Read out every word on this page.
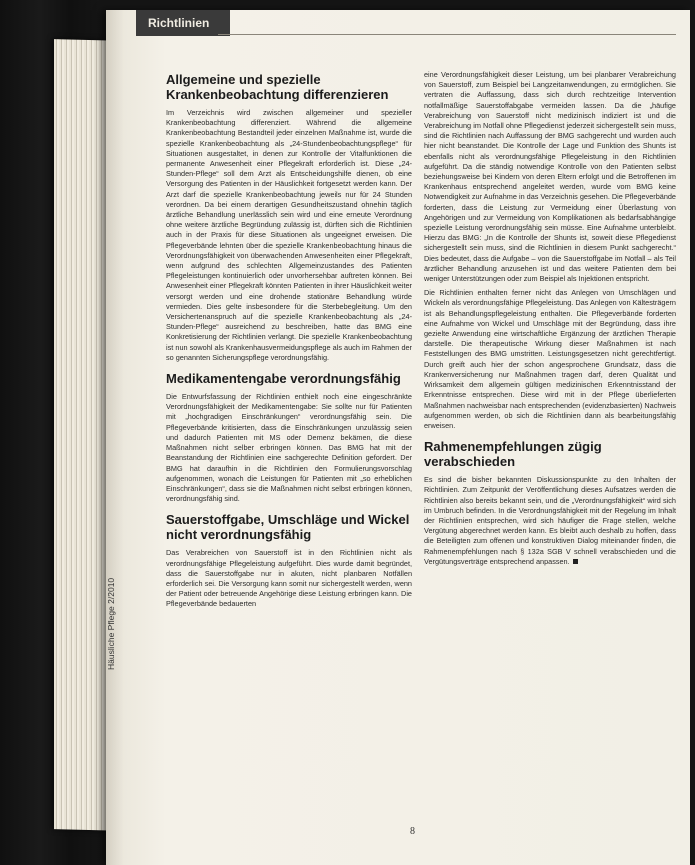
Richtlinien
Häusliche Pflege 2/2010
Allgemeine und spezielle Krankenbeobachtung differenzieren

Im Verzeichnis wird zwischen allgemeiner und spezieller Krankenbeobachtung differenziert. Während die allgemeine Krankenbeobachtung Bestandteil jeder einzelnen Maßnahme ist, wurde die spezielle Krankenbeobachtung als „24-Stundenbeobachtungspflege“ für Situationen ausgestaltet, in denen zur Kontrolle der Vitalfunktionen die permanente Anwesenheit einer Pflegekraft erforderlich ist. Diese „24-Stunden-Pflege“ soll dem Arzt als Entscheidungshilfe dienen, ob eine Versorgung des Patienten in der Häuslichkeit fortgesetzt werden kann. Der Arzt darf die spezielle Krankenbeobachtung jeweils nur für 24 Stunden verordnen. Da bei einem derartigen Gesundheitszustand ohnehin täglich ärztliche Behandlung unerlässlich sein wird und eine erneute Verordnung ohne weitere ärztliche Begründung zulässig ist, dürften sich die Richtlinien auch in der Praxis für diese Situationen als ungeeignet erweisen. Die Pflegeverbände lehnten über die spezielle Krankenbeobachtung hinaus die Verordnungsfähigkeit von überwachenden Anwesenheiten einer Pflegekraft, wenn aufgrund des schlechten Allgemeinzustandes des Patienten Pflegeleistungen kontinuierlich oder unvorhersehbar auftreten können. Bei Anwesenheit einer Pflegekraft könnten Patienten in ihrer Häuslichkeit weiter versorgt werden und eine drohende stationäre Behandlung würde vermieden. Dies gelte insbesondere für die Sterbebegleitung. Um den Versichertenanspruch auf die spezielle Krankenbeobachtung als „24-Stunden-Pflege“ ausreichend zu beschreiben, hatte das BMG eine Konkretisierung der Richtlinien verlangt. Die spezielle Krankenbeobachtung ist nun sowohl als Krankenhausvermeidungspflege als auch im Rahmen der so genannten Sicherungspflege verordnungsfähig.

Medikamentengabe verordnungsfähig

Die Entwurfsfassung der Richtlinien enthielt noch eine eingeschränkte Verordnungsfähigkeit der Medikamentengabe: Sie sollte nur für Patienten mit „hochgradigen Einschränkungen“ verordnungsfähig sein. Die Pflegeverbände kritisierten, dass die Einschränkungen unzulässig seien und dadurch Patienten mit MS oder Demenz bekämen, die diese Maßnahmen nicht selber erbringen können. Das BMG hat mit der Beanstandung der Richtlinien eine sachgerechte Definition gefordert. Der BMG hat daraufhin in die Richtlinien den Formulierungsvorschlag aufgenommen, wonach die Leistungen für Patienten mit „so erheblichen Einschränkungen“, dass sie die Maßnahmen nicht selbst erbringen können, verordnungsfähig sind.

Sauerstoffgabe, Umschläge und Wickel nicht verordnungsfähig

Das Verabreichen von Sauerstoff ist in den Richtlinien nicht als verordnungsfähige Pflegeleistung aufgeführt. Dies wurde damit begründet, dass die Sauerstoffgabe nur in akuten, nicht planbaren Notfällen erforderlich sei. Die Versorgung kann somit nur sichergestellt werden, wenn der Patient oder betreuende Angehörige diese Leistung erbringen kann. Die Pflegeverbände bedauerten

eine Verordnungsfähigkeit dieser Leistung, um bei planbarer Verabreichung von Sauerstoff, zum Beispiel bei Langzeitanwendungen, zu ermöglichen. Sie vertraten die Auffassung, dass sich durch rechtzeitige Intervention notfallmäßige Sauerstoffabgabe vermeiden lassen. Da die „häufige Verabreichung von Sauerstoff nicht medizinisch indiziert ist und die Verabreichung im Notfall ohne Pflegedienst jederzeit sichergestellt sein muss, sind die Richtlinien nach Auffassung der BMG sachgerecht und wurden auch hier nicht beanstandet. Die Kontrolle der Lage und Funktion des Shunts ist ebenfalls nicht als verordnungsfähige Pflegeleistung in den Richtlinien aufgeführt. Da die ständig notwendige Kontrolle von den Patienten selbst beziehungsweise bei Kindern von deren Eltern erfolgt und die Betroffenen im Krankenhaus entsprechend angeleitet werden, wurde vom BMG keine Notwendigkeit zur Aufnahme in das Verzeichnis gesehen. Die Pflegeverbände forderten, dass die Leistung zur Vermeidung einer Überlastung von Angehörigen und zur Vermeidung von Komplikationen als bedarfsabhängige spezielle Leistung verordnungsfähig sein müsse. Eine Aufnahme unterbleibt. Hierzu das BMG: „In die Kontrolle der Shunts ist, soweit diese Pflegedienst sichergestellt sein muss, sind die Richtlinien in diesem Punkt sachgerecht.“ Dies bedeutet, dass die Aufgabe – von die Sauerstoffgabe im Notfall – als Teil ärztlicher Behandlung anzusehen ist und das weitere Patienten dem bei weniger Unterstützungen oder zum Beispiel als Injektionen entspricht.

Die Richtlinien enthalten ferner nicht das Anlegen von Umschlägen und Wickeln als verordnungsfähige Pflegeleistung. Das Anlegen von Kältesträgern ist als Behandlungspflegeleistung enthalten. Die Pflegeverbände forderten eine Aufnahme von Wickel und Umschläge mit der Begründung, dass ihre gezielte Anwendung eine wirtschaftliche Ergänzung der ärztlichen Therapie darstelle. Die therapeutische Wirkung dieser Maßnahmen ist nach Feststellungen des BMG umstritten. Leistungsgesetzen nicht gerechtfertigt. Durch greift auch hier der schon angesprochene Grundsatz, dass die Krankenversicherung nur Maßnahmen tragen darf, deren Qualität und Wirksamkeit dem allgemein gültigen medizinischen Erkenntnisstand der Erkenntnisse entsprechen. Diese wird mit in der Pflege überlieferten Maßnahmen nachweisbar nach entsprechenden (evidenzbasierten) Nachweis aufgenommen werden, ob sich die Richtlinien dann als bearbeitungsfähig erweisen.

Rahmenempfehlungen zügig verabschieden

Es sind die bisher bekannten Diskussionspunkte zu den Inhalten der Richtlinien. Zum Zeitpunkt der Veröffentlichung dieses Aufsatzes werden die Richtlinien also bereits bekannt sein, und die „Verordnungsfähigkeit“ wird sich im Umbruch befinden. In die Verordnungsfähigkeit mit der Regelung im Inhalt der Richtlinien entsprechen, wird sich häufiger die Frage stellen, welche Vergütung abgerechnet werden kann. Es bleibt auch deshalb zu hoffen, dass die Beteiligten zum offenen und konstruktiven Dialog miteinander finden, die Rahmenempfehlungen nach § 132a SGB V schnell verabschieden und die Vergütungsverträge entsprechend anpassen.

8
